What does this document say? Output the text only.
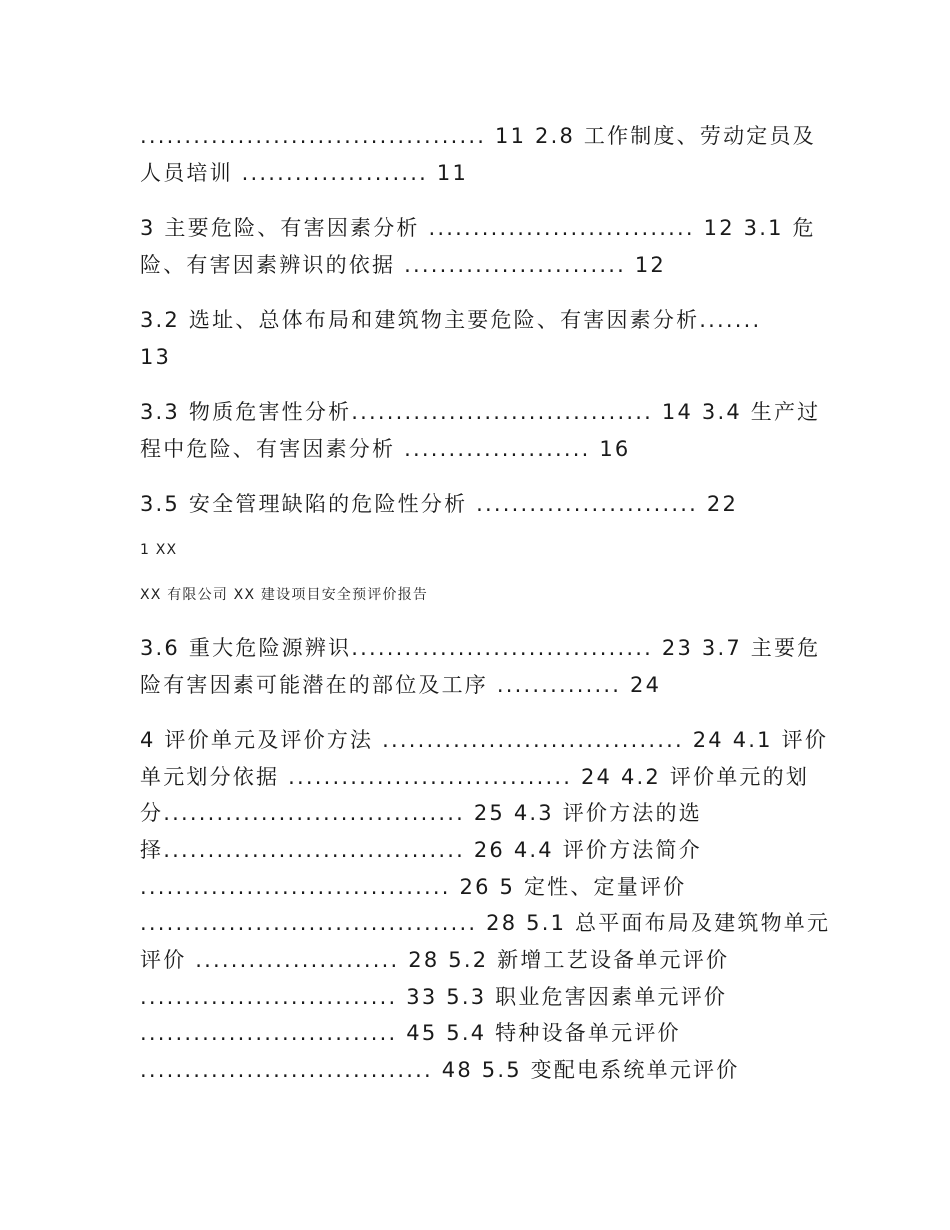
....................................... 11 2.8 工作制度、劳动定员及
人员培训 ..................... 11
3 主要危险、有害因素分析 .............................. 12 3.1 危
险、有害因素辨识的依据 ......................... 12
3.2 选址、总体布局和建筑物主要危险、有害因素分析.......
13
3.3 物质危害性分析.................................. 14 3.4 生产过
程中危险、有害因素分析 ..................... 16
3.5 安全管理缺陷的危险性分析 ......................... 22
1 XX
XX 有限公司 XX 建设项目安全预评价报告
3.6 重大危险源辨识.................................. 23 3.7 主要危
险有害因素可能潜在的部位及工序 .............. 24
4 评价单元及评价方法 .................................. 24 4.1 评价
单元划分依据 ................................ 24 4.2 评价单元的划
分.................................. 25 4.3 评价方法的选
择.................................. 26 4.4 评价方法简介
................................... 26 5 定性、定量评价
...................................... 28 5.1 总平面布局及建筑物单元
评价 ....................... 28 5.2 新增工艺设备单元评价
............................. 33 5.3 职业危害因素单元评价
............................. 45 5.4 特种设备单元评价
................................. 48 5.5 变配电系统单元评价
